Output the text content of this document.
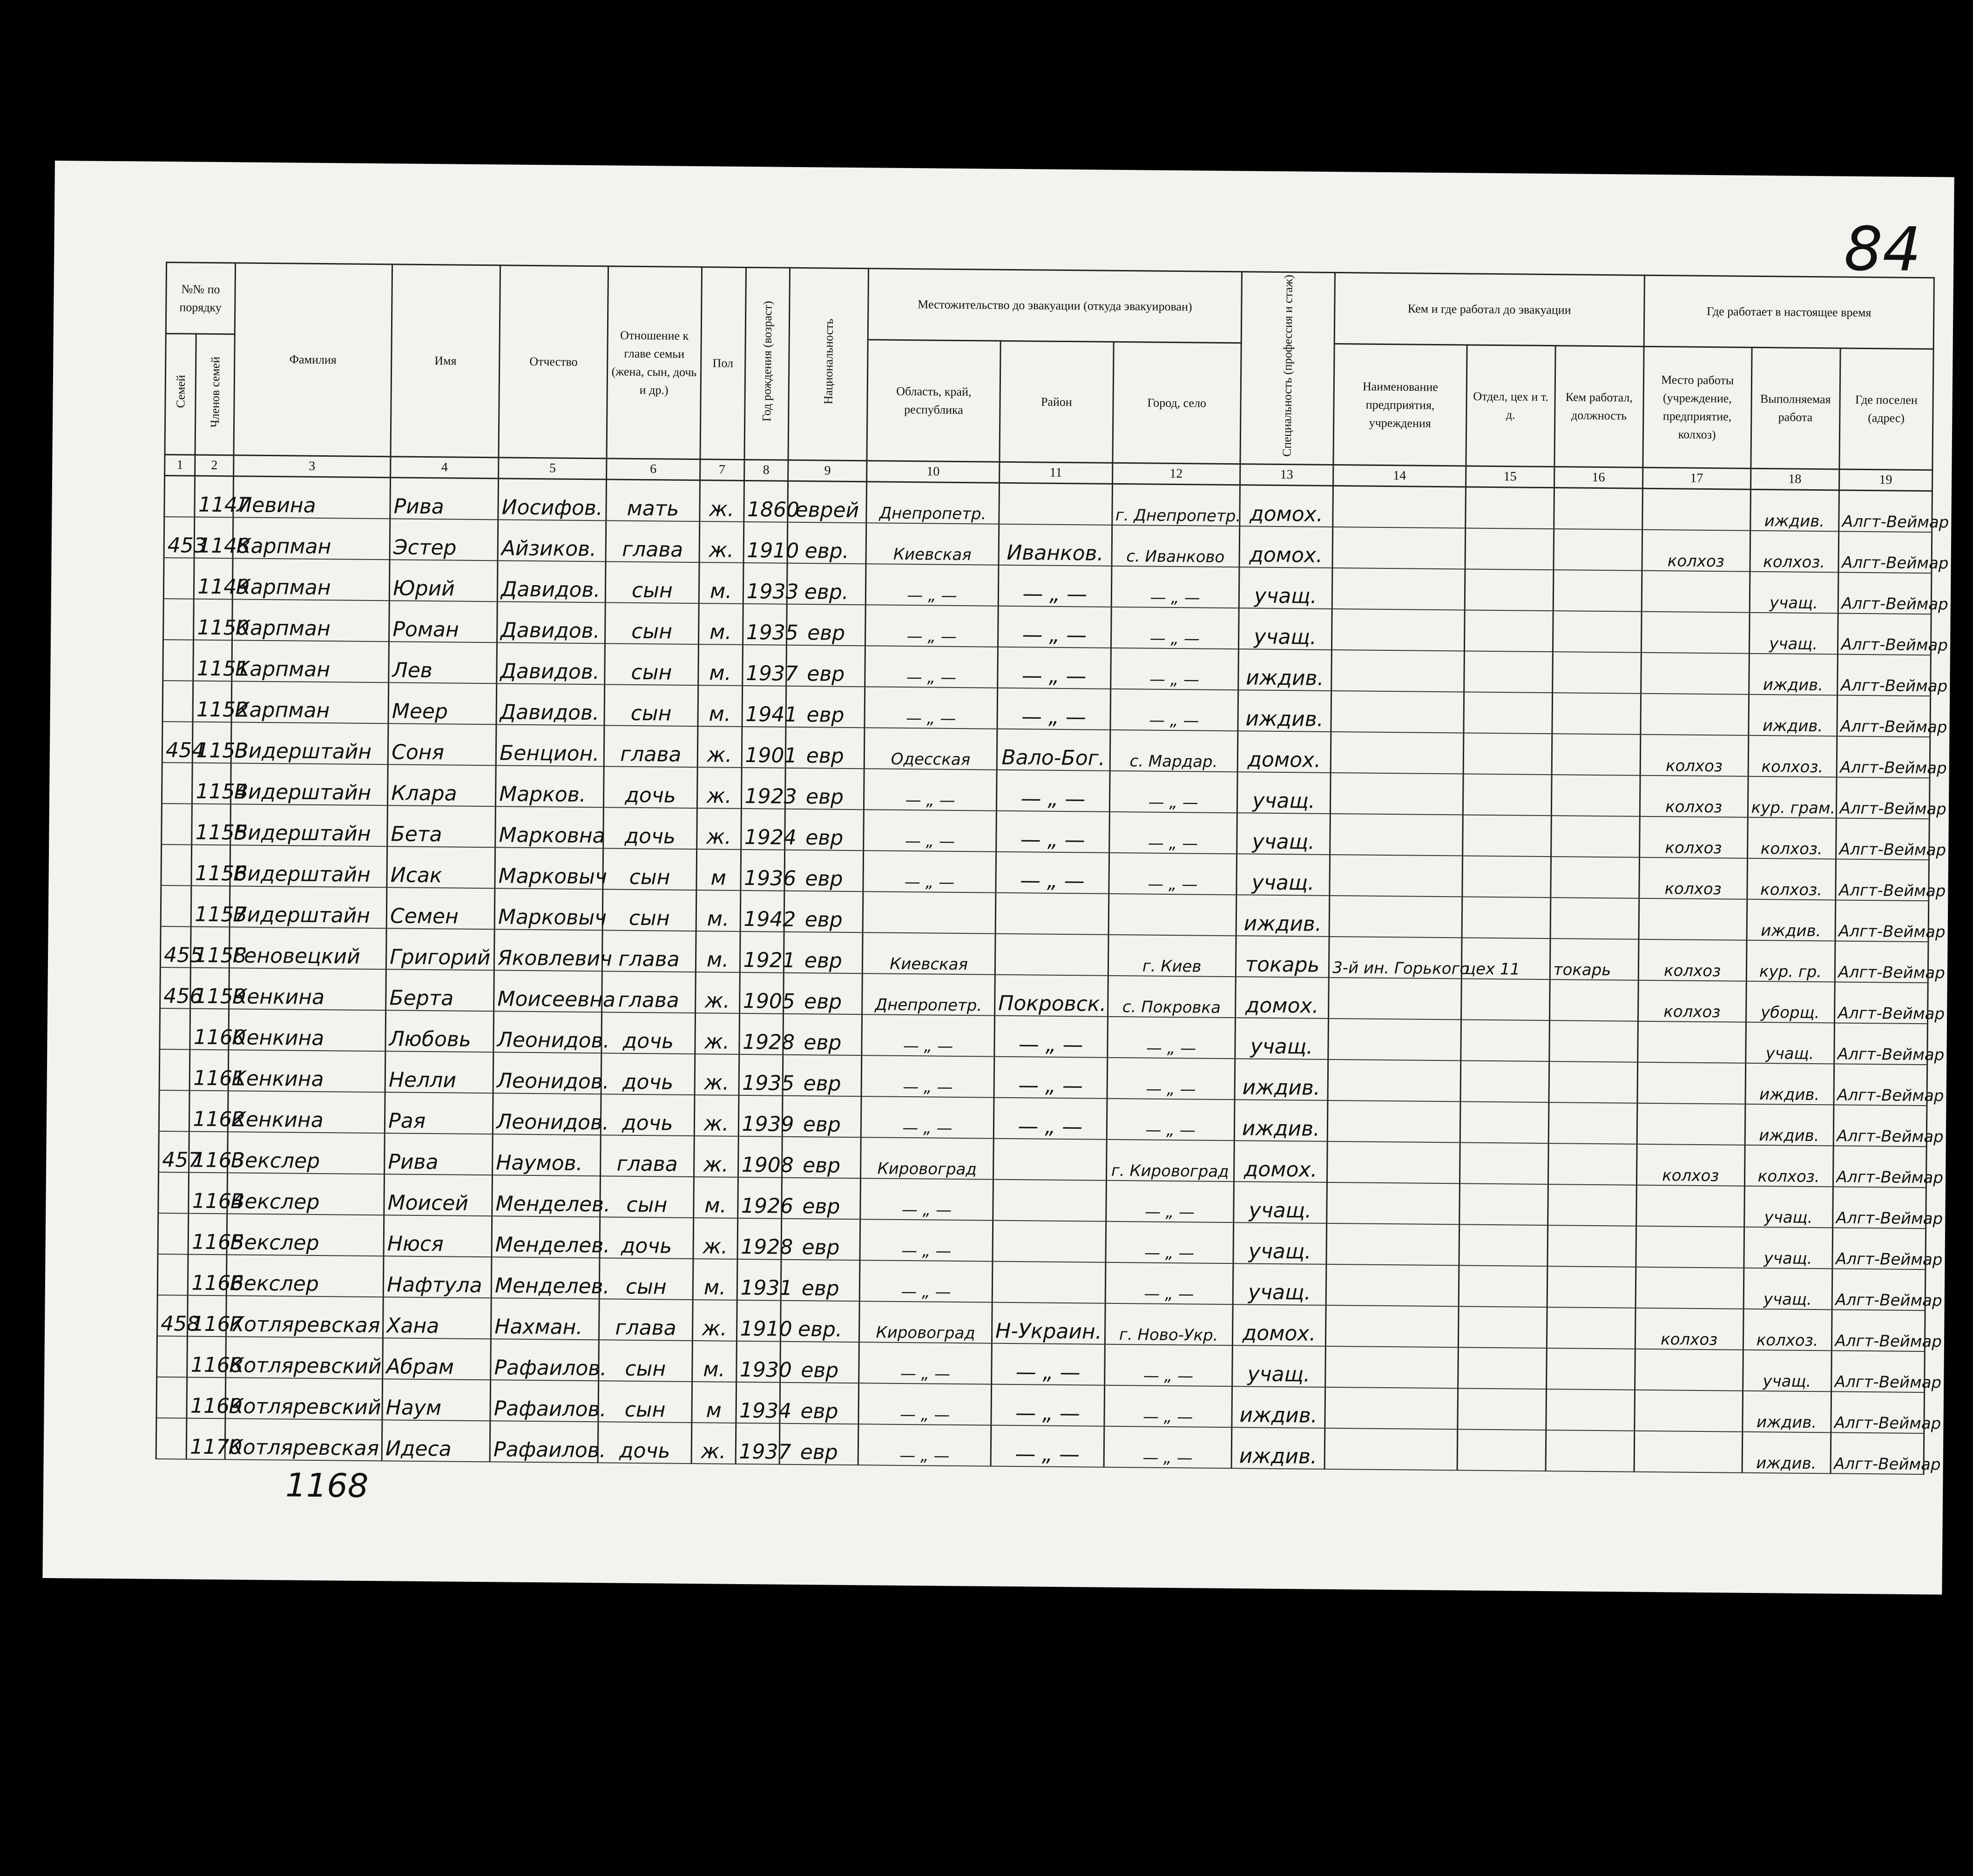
84
№№ по порядку		Фамилия	Имя	Отчество	Отношение к главе семьи (жена, сын, дочь и др.)	Пол	Год рождения (возраст)	Национальность	Местожительство до эвакуации (откуда эвакуирован)			Специальность (профессия и стаж)	Кем и где работал до эвакуации			Где работает в настоящее время		
Семей	Членов семей								Область, край, республика	Район	Город, село		Наименование предприятия, учреждения	Отдел, цех и т. д.	Кем работал, должность	Место работы (учреждение, предприятие, колхоз)	Выполняемая работа	Где поселен (адрес)
1	2	3	4	5	6	7	8	9	10	11	12	13	14	15	16	17	18	19
	1147	Левина	Рива	Иосифов.	мать	ж.	1860	еврей	Днепропетр.		г. Днепропетр.	домох.					иждив.	Алгт-Веймар
453	1148	Карпман	Эстер	Айзиков.	глава	ж.	1910	евр.	Киевская	Иванков.	с. Иванково	домох.				колхоз	колхоз.	Алгт-Веймар
	1149	Карпман	Юрий	Давидов.	сын	м.	1933	евр.	— „ —	— „ —	— „ —	учащ.					учащ.	Алгт-Веймар
	1150	Карпман	Роман	Давидов.	сын	м.	1935	евр	— „ —	— „ —	— „ —	учащ.					учащ.	Алгт-Веймар
	1151	Карпман	Лев	Давидов.	сын	м.	1937	евр	— „ —	— „ —	— „ —	иждив.					иждив.	Алгт-Веймар
	1152	Карпман	Меер	Давидов.	сын	м.	1941	евр	— „ —	— „ —	— „ —	иждив.					иждив.	Алгт-Веймар
454	1153	Видерштайн	Соня	Бенцион.	глава	ж.	1901	евр	Одесская	Вало-Бог.	с. Мардар.	домох.				колхоз	колхоз.	Алгт-Веймар
	1154	Видерштайн	Клара	Марков.	дочь	ж.	1923	евр	— „ —	— „ —	— „ —	учащ.				колхоз	кур. грам.	Алгт-Веймар
	1155	Видерштайн	Бета	Марковна	дочь	ж.	1924	евр	— „ —	— „ —	— „ —	учащ.				колхоз	колхоз.	Алгт-Веймар
	1156	Видерштайн	Исак	Марковыч	сын	м	1936	евр	— „ —	— „ —	— „ —	учащ.				колхоз	колхоз.	Алгт-Веймар
	1157	Видерштайн	Семен	Марковыч	сын	м.	1942	евр				иждив.					иждив.	Алгт-Веймар
455	1158	Геновецкий	Григорий	Яковлевич	глава	м.	1921	евр	Киевская		г. Киев	токарь	3-й ин. Горького	цех 11	токарь	колхоз	кур. гр.	Алгт-Веймар
456	1159	Кенкина	Берта	Моисеевна	глава	ж.	1905	евр	Днепропетр.	Покровск.	с. Покровка	домох.				колхоз	уборщ.	Алгт-Веймар
	1160	Кенкина	Любовь	Леонидов.	дочь	ж.	1928	евр	— „ —	— „ —	— „ —	учащ.					учащ.	Алгт-Веймар
	1161	Кенкина	Нелли	Леонидов.	дочь	ж.	1935	евр	— „ —	— „ —	— „ —	иждив.					иждив.	Алгт-Веймар
	1162	Кенкина	Рая	Леонидов.	дочь	ж.	1939	евр	— „ —	— „ —	— „ —	иждив.					иждив.	Алгт-Веймар
457	1163	Векслер	Рива	Наумов.	глава	ж.	1908	евр	Кировоград		г. Кировоград	домох.				колхоз	колхоз.	Алгт-Веймар
	1164	Векслер	Моисей	Менделев.	сын	м.	1926	евр	— „ —		— „ —	учащ.					учащ.	Алгт-Веймар
	1165	Векслер	Нюся	Менделев.	дочь	ж.	1928	евр	— „ —		— „ —	учащ.					учащ.	Алгт-Веймар
	1166	Векслер	Нафтула	Менделев.	сын	м.	1931	евр	— „ —		— „ —	учащ.					учащ.	Алгт-Веймар
458	1167	Котляревская	Хана	Нахман.	глава	ж.	1910	евр.	Кировоград	Н-Украин.	г. Ново-Укр.	домох.				колхоз	колхоз.	Алгт-Веймар
	1168	Котляревский	Абрам	Рафаилов.	сын	м.	1930	евр	— „ —	— „ —	— „ —	учащ.					учащ.	Алгт-Веймар
	1169	Котляревский	Наум	Рафаилов.	сын	м	1934	евр	— „ —	— „ —	— „ —	иждив.					иждив.	Алгт-Веймар
	1170	Котляревская	Идеса	Рафаилов.	дочь	ж.	1937	евр	— „ —	— „ —	— „ —	иждив.					иждив.	Алгт-Веймар
1168
